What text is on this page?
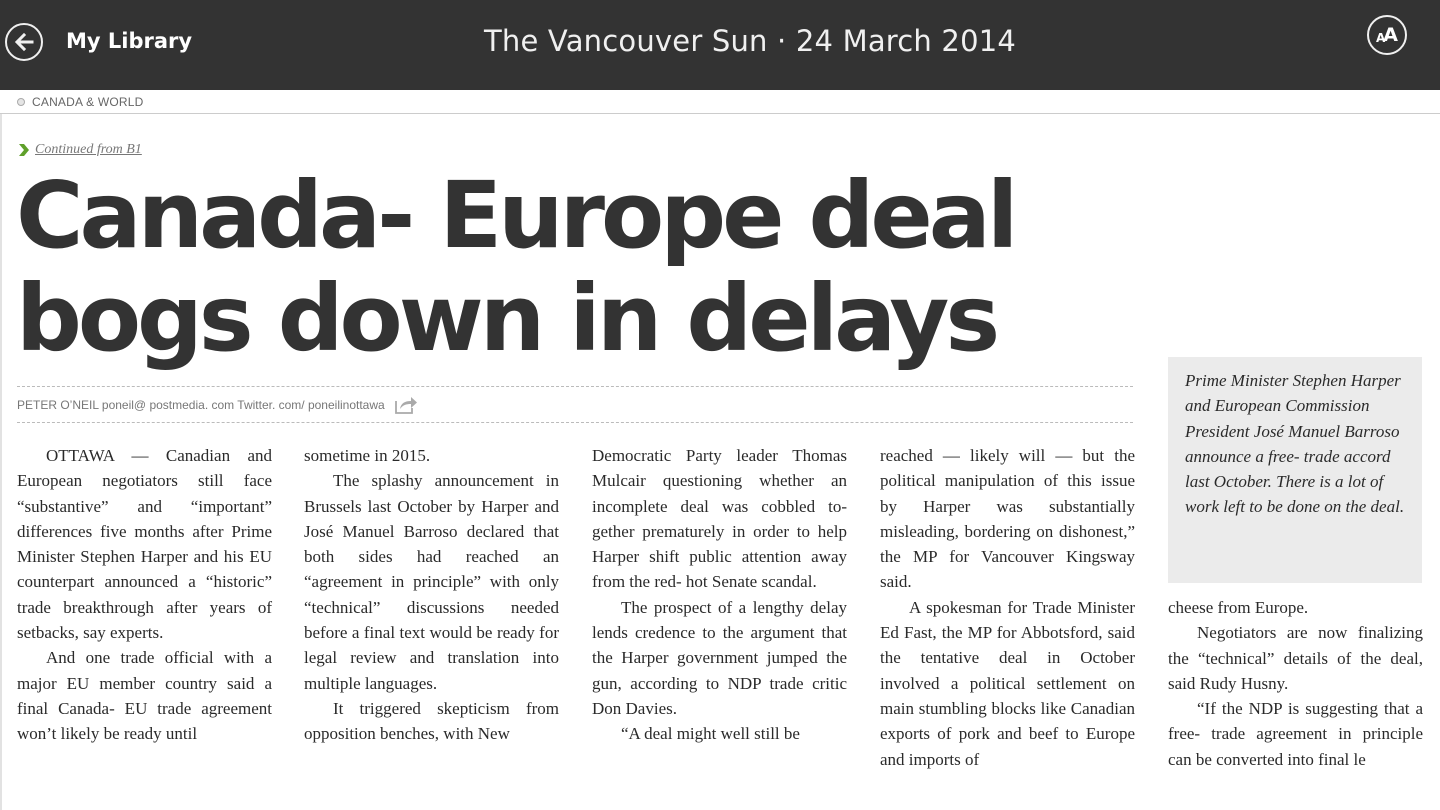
My Library	The Vancouver Sun · 24 March 2014	A
A
CANADA & WORLD
Continued from B1
Canada- Europe deal bogs down in delays
PETER O’NEIL poneil@ postmedia. com Twitter. com/ poneilinottawa

OTTAWA — Canadian and European negotiators still face “substantive” and “important” differences five months after Prime Minister Stephen Harper and his EU counterpart announced a “historic” trade breakthrough after years of setbacks, say experts.

And one trade official with a major EU member country said a final Canada- EU trade agreement won’t likely be ready until

sometime in 2015.

The splashy announcement in Brussels last October by Harper and José Manuel Barroso declared that both sides had reached an “agreement in principle” with only “technical” discussions needed before a final text would be ready for legal review and translation into multiple languages.

It triggered skepticism from opposition benches, with New

Democratic Party leader Thomas Mulcair questioning whether an incomplete deal was cobbled together prematurely in order to help Harper shift public attention away from the red- hot Senate scandal.

The prospect of a lengthy delay lends credence to the argument that the Harper government jumped the gun, according to NDP trade critic Don Davies.

“A deal might well still be

reached — likely will — but the political manipulation of this issue by Harper was substantially misleading, bordering on dishonest,” the MP for Vancouver Kingsway said.

A spokesman for Trade Minister Ed Fast, the MP for Abbotsford, said the tentative deal in October involved a political settlement on main stumbling blocks like Canadian exports of pork and beef to Europe and imports of

Prime Minister Stephen Harper and European Commission President José Manuel Barroso announce a free- trade accord last October. There is a lot of work left to be done on the deal.

cheese from Europe.

Negotiators are now finalizing the “technical” details of the deal, said Rudy Husny.

“If the NDP is suggesting that a free- trade agreement in principle can be converted into final le
